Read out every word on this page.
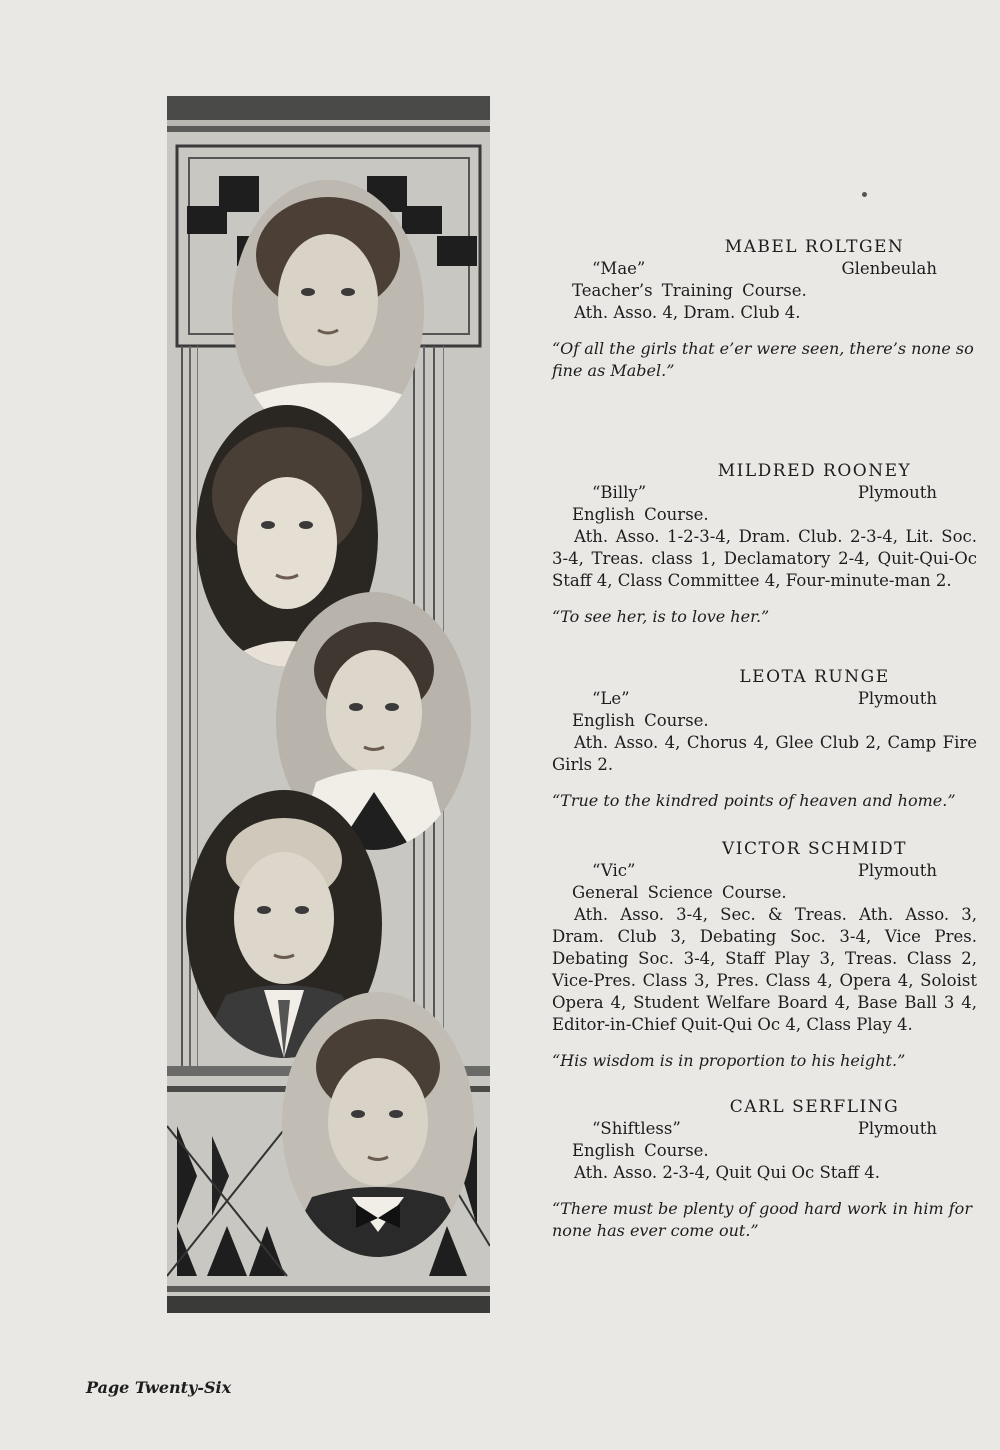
MABEL ROLTGEN
“Mae”	Glenbeulah
Teacher’s Training Course.
Ath. Asso. 4, Dram. Club 4.
“Of all the girls that e’er were seen, there’s none so fine as Mabel.”
MILDRED ROONEY
“Billy”	Plymouth
English Course.
Ath. Asso. 1-2-3-4, Dram. Club. 2-3-4, Lit. Soc. 3-4, Treas. class 1, Declamatory 2-4, Quit-Qui-Oc Staff 4, Class Committee 4, Four-minute-man 2.
“To see her, is to love her.”
LEOTA RUNGE
“Le”	Plymouth
English Course.
Ath. Asso. 4, Chorus 4, Glee Club 2, Camp Fire Girls 2.
“True to the kindred points of heaven and home.”
VICTOR SCHMIDT
“Vic”	Plymouth
General Science Course.
Ath. Asso. 3-4, Sec. & Treas. Ath. Asso. 3, Dram. Club 3, Debating Soc. 3-4, Vice Pres. Debating Soc. 3-4, Staff Play 3, Treas. Class 2, Vice-Pres. Class 3, Pres. Class 4, Opera 4, Soloist Opera 4, Student Welfare Board 4, Base Ball 3 4, Editor-in-Chief Quit-Qui Oc 4, Class Play 4.
“His wisdom is in proportion to his height.”
CARL SERFLING
“Shiftless”	Plymouth
English Course.
Ath. Asso. 2-3-4, Quit Qui Oc Staff 4.
“There must be plenty of good hard work in him for none has ever come out.”
Page Twenty-Six
